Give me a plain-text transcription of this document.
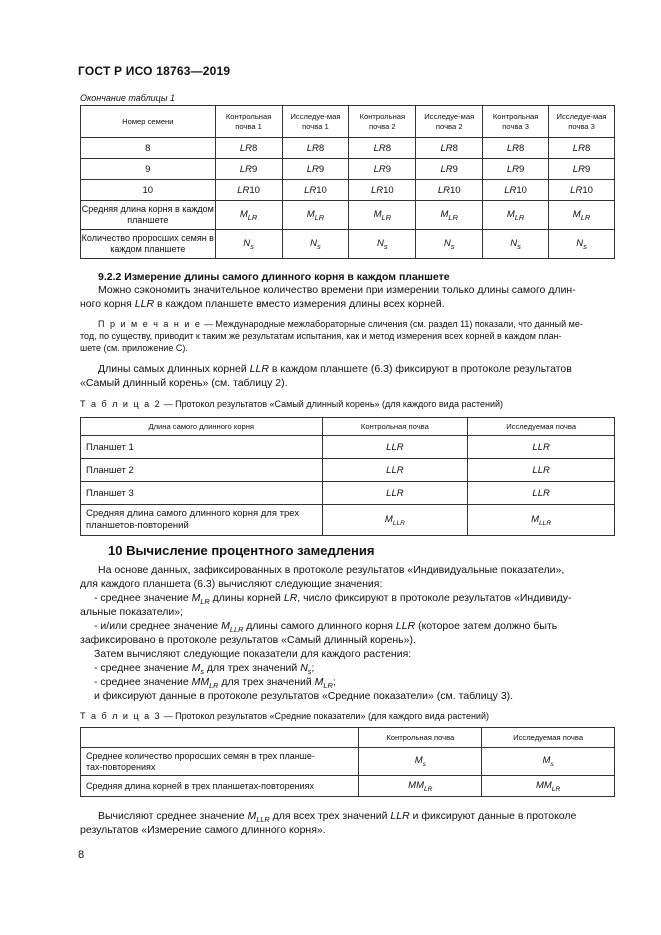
ГОСТ Р ИСО 18763—2019
Окончание таблицы 1
Номер семени	Контрольная почва 1	Исследуе-мая почва 1	Контрольная почва 2	Исследуе-мая почва 2	Контрольная почва 3	Исследуе-мая почва 3
8	LR8	LR8	LR8	LR8	LR8	LR8
9	LR9	LR9	LR9	LR9	LR9	LR9
10	LR10	LR10	LR10	LR10	LR10	LR10
Средняя длина корня в каждом планшете	$M_{LR}$	$M_{LR}$	$M_{LR}$	$M_{LR}$	$M_{LR}$	$M_{LR}$
Количество проросших семян в каждом планшете	$N_s$	$N_s$	$N_s$	$N_s$	$N_s$	$N_s$
9.2.2 Измерение длины самого длинного корня в каждом планшете
Можно сэкономить значительное количество времени при измерении только длины самого длин-
ного корня LLR в каждом планшете вместо измерения длины всех корней.
П р и м е ч а н и е — Международные межлабораторные сличения (см. раздел 11) показали, что данный ме-
тод, по существу, приводит к таким же результатам испытания, как и метод измерения всех корней в каждом план-
шете (см. приложение С).
Длины самых длинных корней LLR в каждом планшете (6.3) фиксируют в протоколе результатов
«Самый длинный корень» (см. таблицу 2).
Т а б л и ц а 2 — Протокол результатов «Самый длинный корень» (для каждого вида растений)
Длина самого длинного корня	Контрольная почва	Исследуемая почва
Планшет 1	LLR	LLR
Планшет 2	LLR	LLR
Планшет 3	LLR	LLR
Средняя длина самого длинного корня для трех
планшетов-повторений	$M_{LLR}$	$M_{LLR}$
10 Вычисление процентного замедления
На основе данных, зафиксированных в протоколе результатов «Индивидуальные показатели»,
для каждого планшета (6.3) вычисляют следующие значения:
- среднее значение $M_{LR}$ длины корней LR, число фиксируют в протоколе результатов «Индивиду-
альные показатели»;
- и/или среднее значение $M_{LLR}$ длины самого длинного корня LLR (которое затем должно быть
зафиксировано в протоколе результатов «Самый длинный корень»).
Затем вычисляют следующие показатели для каждого растения:
- среднее значение $M_s$ для трех значений $N_s$;
- среднее значение $MM_{LR}$ для трех значений $M_{LR}$;
и фиксируют данные в протоколе результатов «Средние показатели» (см. таблицу 3).
Т а б л и ц а 3 — Протокол результатов «Средние показатели» (для каждого вида растений)
	Контрольная почва	Исследуемая почва
Среднее количество проросших семян в трех планше-
тах-повторениях	$M_s$	$M_s$
Средняя длина корней в трех планшетах-повторениях	$MM_{LR}$	$MM_{LR}$
Вычисляют среднее значение $M_{LLR}$ для всех трех значений LLR и фиксируют данные в протоколе
результатов «Измерение самого длинного корня».
8
